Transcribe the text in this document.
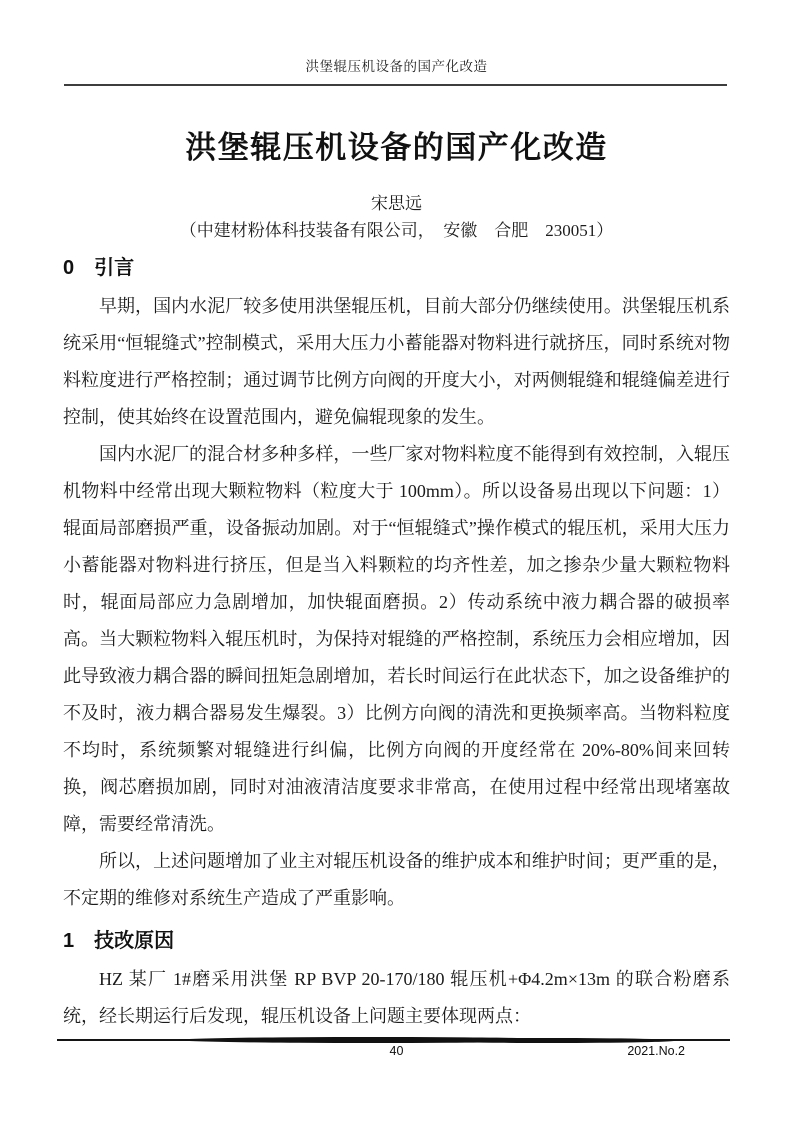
洪堡辊压机设备的国产化改造
洪堡辊压机设备的国产化改造
宋思远
（中建材粉体科技装备有限公司，　安徽　合肥　230051）
0 引言

早期，国内水泥厂较多使用洪堡辊压机，目前大部分仍继续使用。洪堡辊压机系统采用“恒辊缝式”控制模式，采用大压力小蓄能器对物料进行就挤压，同时系统对物料粒度进行严格控制；通过调节比例方向阀的开度大小，对两侧辊缝和辊缝偏差进行控制，使其始终在设置范围内，避免偏辊现象的发生。

国内水泥厂的混合材多种多样，一些厂家对物料粒度不能得到有效控制，入辊压机物料中经常出现大颗粒物料（粒度大于 100mm）。所以设备易出现以下问题：1）辊面局部磨损严重，设备振动加剧。对于“恒辊缝式”操作模式的辊压机，采用大压力小蓄能器对物料进行挤压，但是当入料颗粒的均齐性差，加之掺杂少量大颗粒物料时，辊面局部应力急剧增加，加快辊面磨损。2）传动系统中液力耦合器的破损率高。当大颗粒物料入辊压机时，为保持对辊缝的严格控制，系统压力会相应增加，因此导致液力耦合器的瞬间扭矩急剧增加，若长时间运行在此状态下，加之设备维护的不及时，液力耦合器易发生爆裂。3）比例方向阀的清洗和更换频率高。当物料粒度不均时，系统频繁对辊缝进行纠偏，比例方向阀的开度经常在 20%-80%间来回转换，阀芯磨损加剧，同时对油液清洁度要求非常高，在使用过程中经常出现堵塞故障，需要经常清洗。

所以，上述问题增加了业主对辊压机设备的维护成本和维护时间；更严重的是，不定期的维修对系统生产造成了严重影响。

1 技改原因

HZ 某厂 1#磨采用洪堡 RP BVP 20-170/180 辊压机+Φ4.2m×13m 的联合粉磨系统，经长期运行后发现，辊压机设备上问题主要体现两点：

40	2021.No.2
